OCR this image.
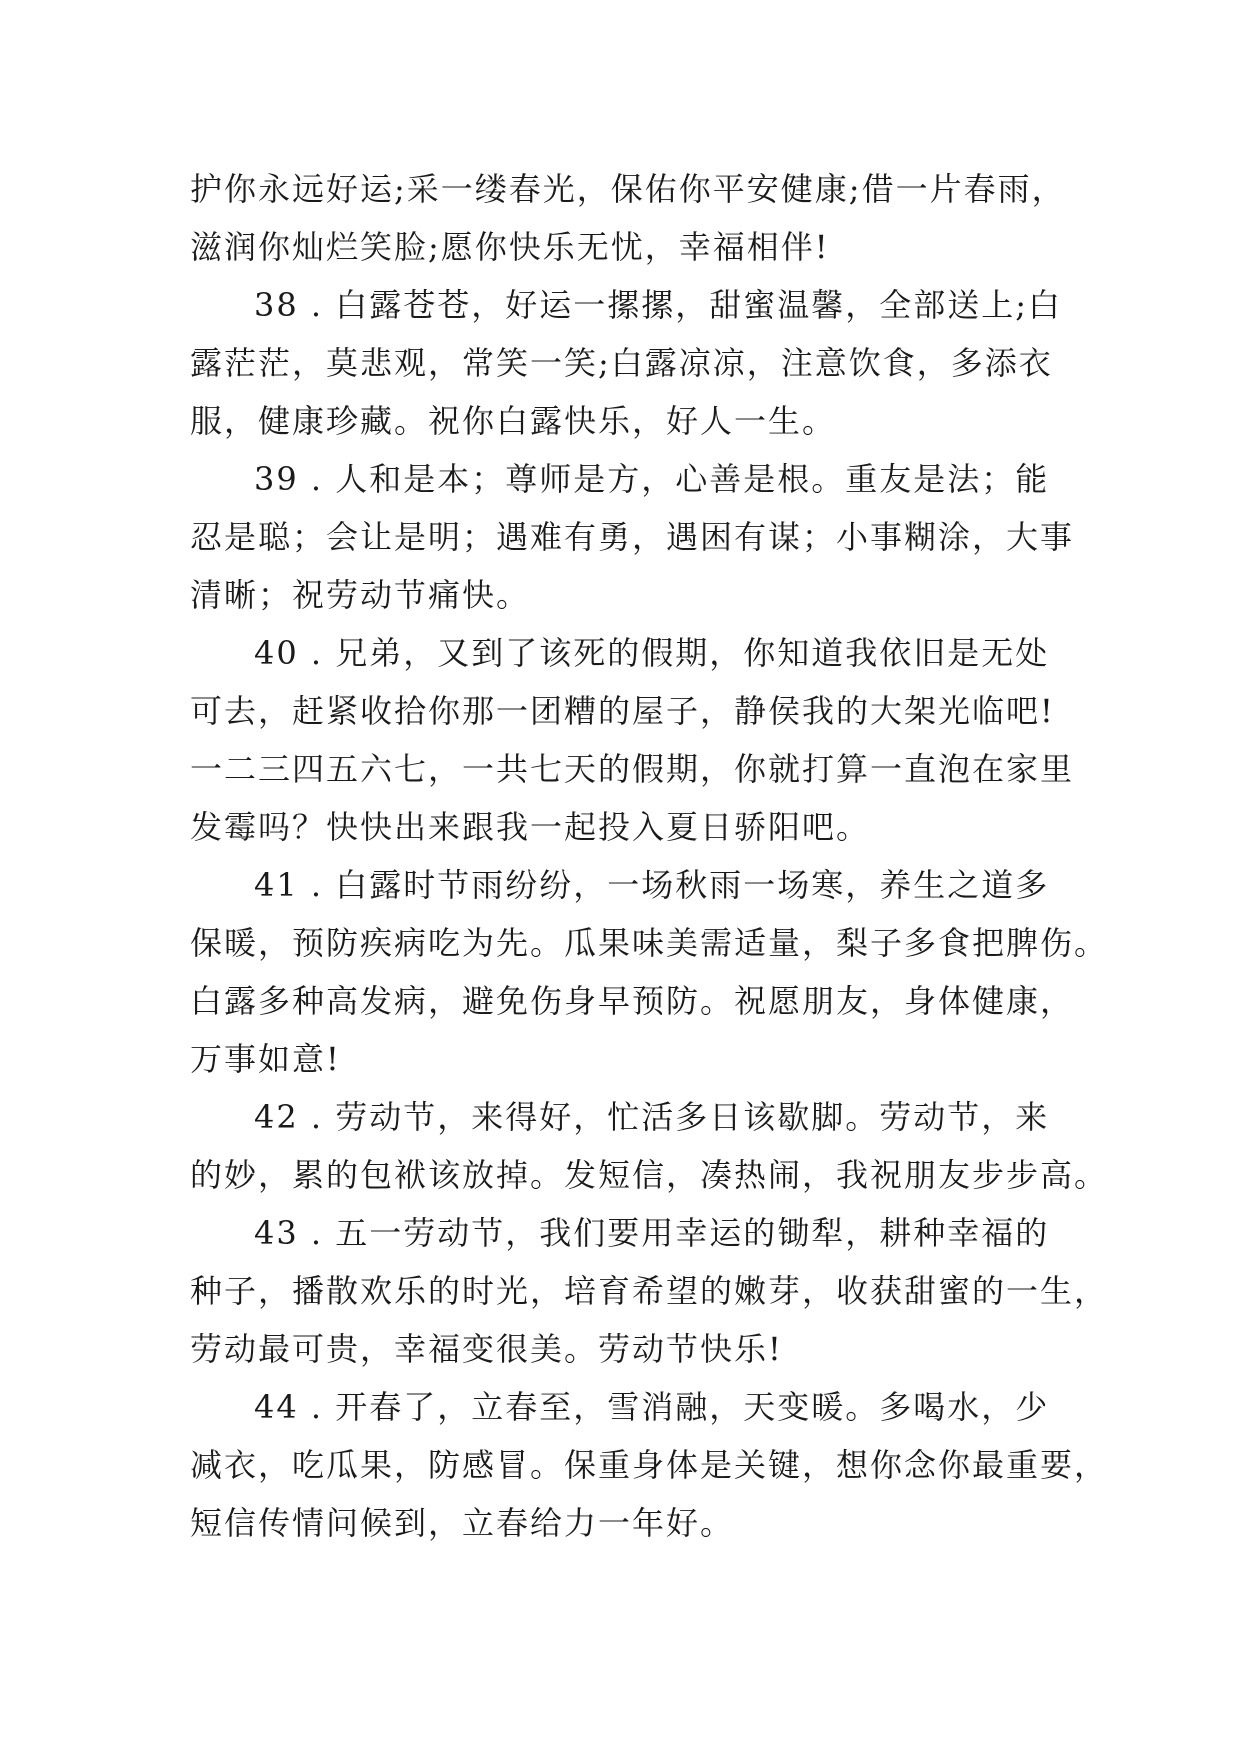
护你永远好运;采一缕春光，保佑你平安健康;借一片春雨，
滋润你灿烂笑脸;愿你快乐无忧，幸福相伴!
38 . 白露苍苍，好运一摞摞，甜蜜温馨，全部送上;白
露茫茫，莫悲观，常笑一笑;白露凉凉，注意饮食，多添衣
服，健康珍藏。祝你白露快乐，好人一生。
39 . 人和是本；尊师是方，心善是根。重友是法；能
忍是聪；会让是明；遇难有勇，遇困有谋；小事糊涂，大事
清晰；祝劳动节痛快。
40 . 兄弟，又到了该死的假期，你知道我依旧是无处
可去，赶紧收拾你那一团糟的屋子，静侯我的大架光临吧!
一二三四五六七，一共七天的假期，你就打算一直泡在家里
发霉吗？快快出来跟我一起投入夏日骄阳吧。
41 . 白露时节雨纷纷，一场秋雨一场寒，养生之道多
保暖，预防疾病吃为先。瓜果味美需适量，梨子多食把脾伤。
白露多种高发病，避免伤身早预防。祝愿朋友，身体健康，
万事如意!
42 . 劳动节，来得好，忙活多日该歇脚。劳动节，来
的妙，累的包袱该放掉。发短信，凑热闹，我祝朋友步步高。
43 . 五一劳动节，我们要用幸运的锄犁，耕种幸福的
种子，播散欢乐的时光，培育希望的嫩芽，收获甜蜜的一生，
劳动最可贵，幸福变很美。劳动节快乐!
44 . 开春了，立春至，雪消融，天变暖。多喝水，少
减衣，吃瓜果，防感冒。保重身体是关键，想你念你最重要，
短信传情问候到，立春给力一年好。
